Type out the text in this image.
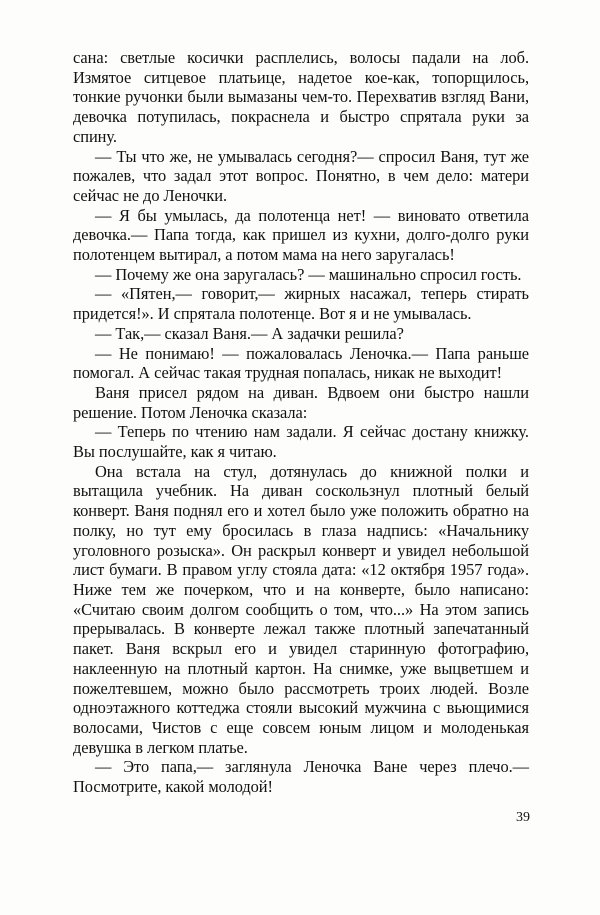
сана: светлые косички расплелись, волосы падали на лоб. Измятое ситцевое платьице, надетое кое-как, топорщилось, тонкие ручонки были вымазаны чем-то. Перехватив взгляд Вани, девочка потупилась, покраснела и быстро спрятала руки за спину.

— Ты что же, не умывалась сегодня?— спросил Ваня, тут же пожалев, что задал этот вопрос. Понятно, в чем дело: матери сейчас не до Леночки.

— Я бы умылась, да полотенца нет! — виновато ответила девочка.— Папа тогда, как пришел из кухни, долго-долго руки полотенцем вытирал, а потом мама на него заругалась!

— Почему же она заругалась? — машинально спросил гость.

— «Пятен,— говорит,— жирных насажал, теперь стирать придется!». И спрятала полотенце. Вот я и не умывалась.

— Так,— сказал Ваня.— А задачки решила?

— Не понимаю! — пожаловалась Леночка.— Папа раньше помогал. А сейчас такая трудная попалась, никак не выходит!

Ваня присел рядом на диван. Вдвоем они быстро нашли решение. Потом Леночка сказала:

— Теперь по чтению нам задали. Я сейчас достану книжку. Вы послушайте, как я читаю.

Она встала на стул, дотянулась до книжной полки и вытащила учебник. На диван соскользнул плотный белый конверт. Ваня поднял его и хотел было уже положить обратно на полку, но тут ему бросилась в глаза надпись: «Начальнику уголовного розыска». Он раскрыл конверт и увидел небольшой лист бумаги. В правом углу стояла дата: «12 октября 1957 года». Ниже тем же почерком, что и на конверте, было написано: «Считаю своим долгом сообщить о том, что...» На этом запись прерывалась. В конверте лежал также плотный запечатанный пакет. Ваня вскрыл его и увидел старинную фотографию, наклеенную на плотный картон. На снимке, уже выцветшем и пожелтевшем, можно было рассмотреть троих людей. Возле одноэтажного коттеджа стояли высокий мужчина с вьющимися волосами, Чистов с еще совсем юным лицом и молоденькая девушка в легком платье.

— Это папа,— заглянула Леночка Ване через плечо.— Посмотрите, какой молодой!

39
